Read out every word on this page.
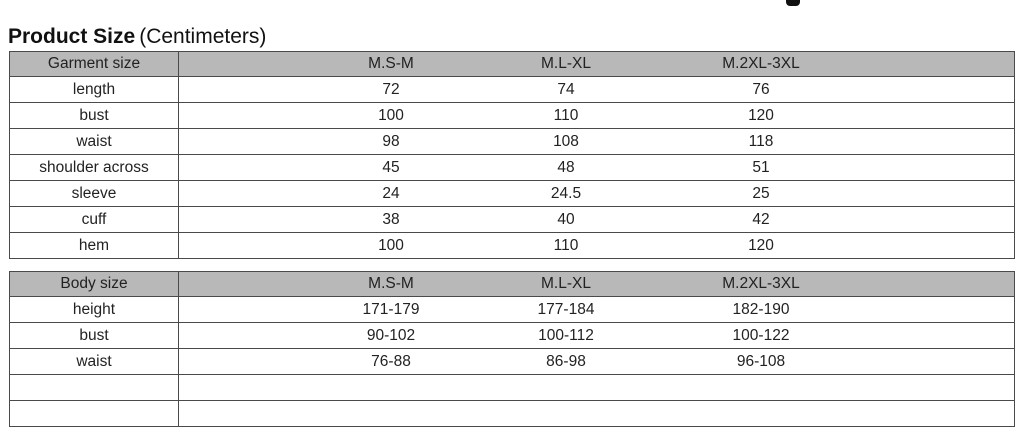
Product Size (Centimeters)
Garment size	M.S-M M.L-XL M.2XL-3XL

length	72 74 76

bust	100 110 120

waist	98 108 118

shoulder across	45 48 51

sleeve	24 24.5 25

cuff	38 40 42

hem	100 110 120
Body size	M.S-M M.L-XL M.2XL-3XL

height	171-179 177-184 182-190

bust	90-102 100-112 100-122

waist	76-88 86-98 96-108
